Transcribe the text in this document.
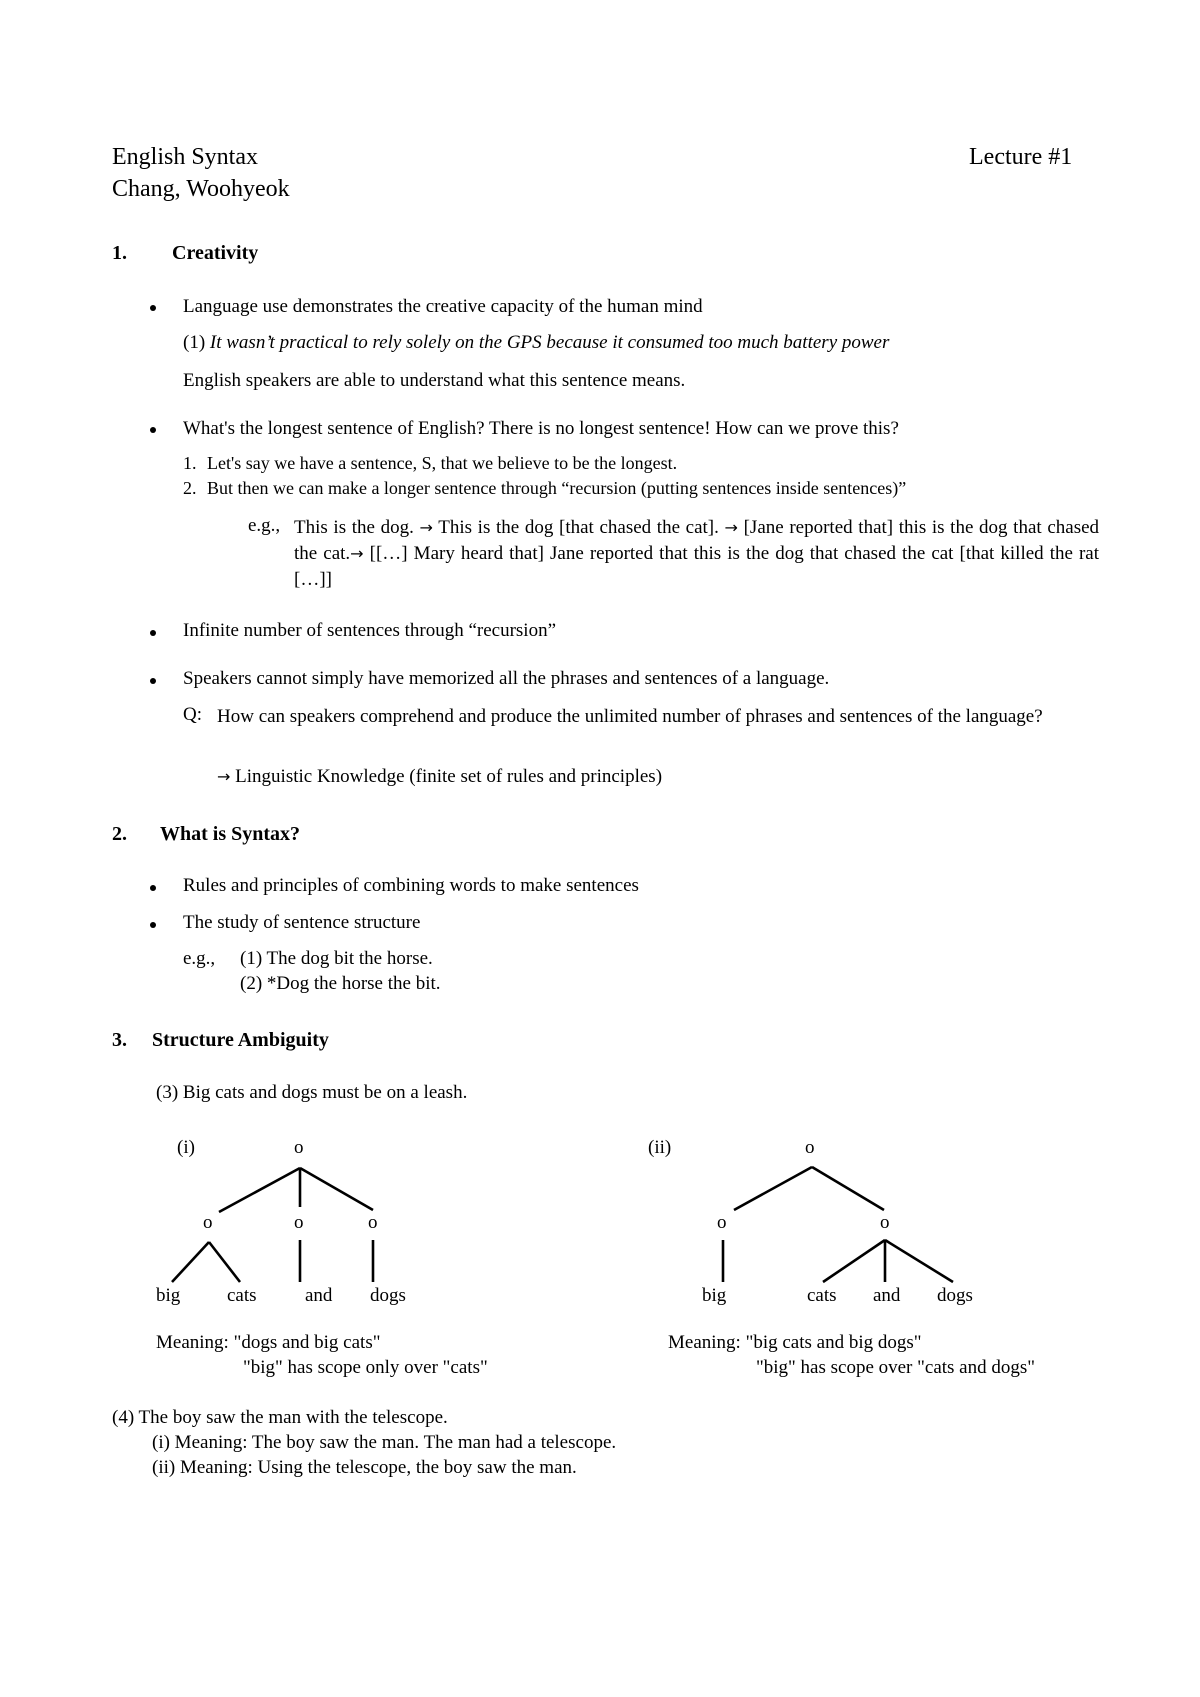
English Syntax	Lecture #1
Chang, Woohyeok
1. Creativity
Language use demonstrates the creative capacity of the human mind
(1) It wasn’t practical to rely solely on the GPS because it consumed too much battery power
English speakers are able to understand what this sentence means.
What's the longest sentence of English? There is no longest sentence! How can we prove this?
1. Let's say we have a sentence, S, that we believe to be the longest.
2. But then we can make a longer sentence through “recursion (putting sentences inside sentences)”
e.g., This is the dog. → This is the dog [that chased the cat]. → [Jane reported that] this is the dog that chased the cat.→ [[…] Mary heard that] Jane reported that this is the dog that chased the cat [that killed the rat […]]
Infinite number of sentences through “recursion”
Speakers cannot simply have memorized all the phrases and sentences of a language.
Q: How can speakers comprehend and produce the unlimited number of phrases and sentences of the language?
→ Linguistic Knowledge (finite set of rules and principles)
2. What is Syntax?
Rules and principles of combining words to make sentences
The study of sentence structure
e.g., (1) The dog bit the horse.
(2) *Dog the horse the bit.
3. Structure Ambiguity
(3) Big cats and dogs must be on a leash.
(i)	o
o	o	o
big cats	and dogs
(ii)	o
o	o
big	cats and dogs
Meaning: "dogs and big cats"
"big" has scope only over "cats"
Meaning: "big cats and big dogs"
"big" has scope over "cats and dogs"
(4) The boy saw the man with the telescope.
(i) Meaning: The boy saw the man. The man had a telescope.
(ii) Meaning: Using the telescope, the boy saw the man.
